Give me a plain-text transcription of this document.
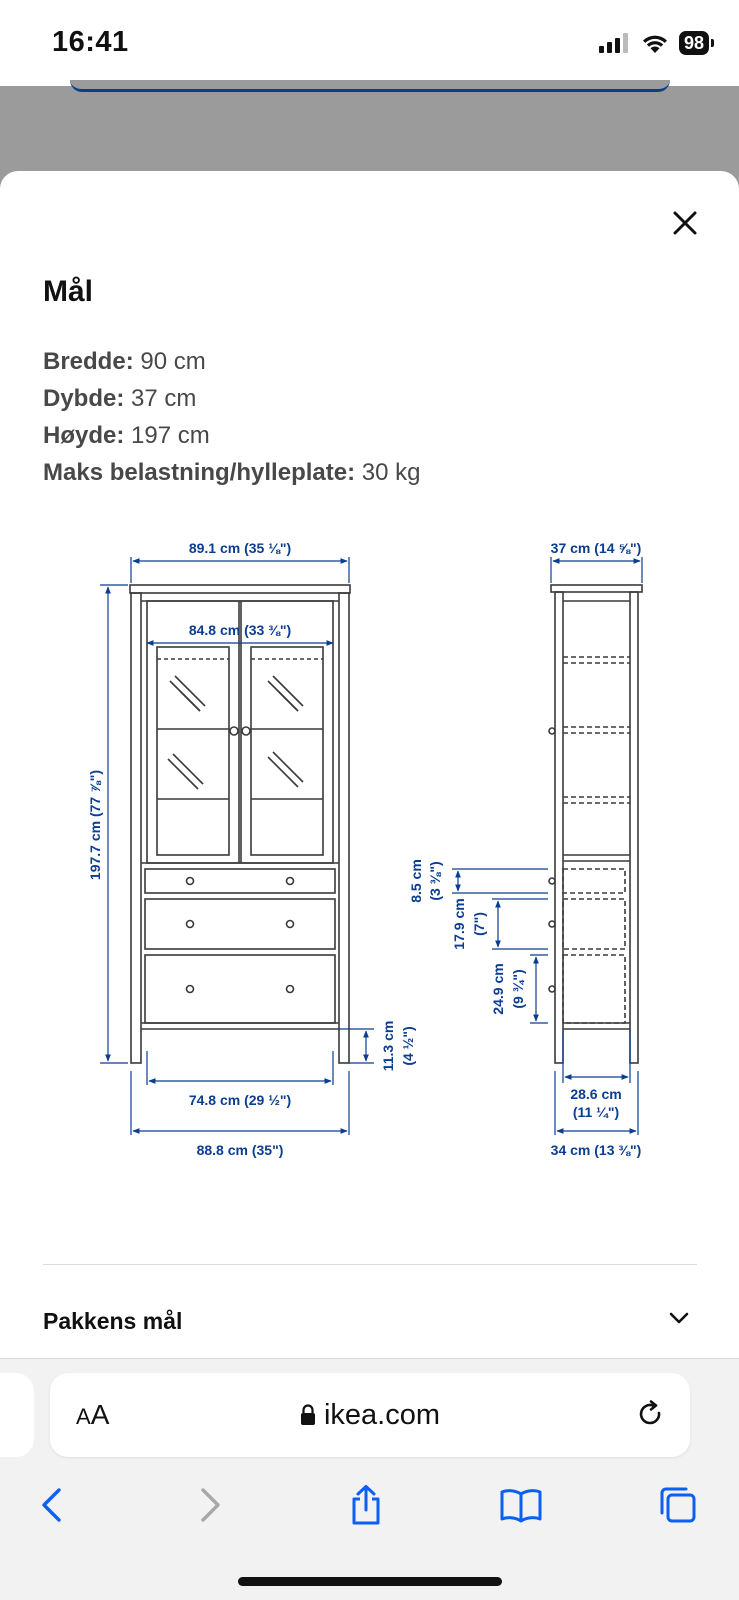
16:41	98
Mål
Bredde: 90 cm
Dybde: 37 cm
Høyde: 197 cm
Maks belastning/hylleplate: 30 kg
89.1 cm (35 ⅛")
84.8 cm (33 ⅜")
197.7 cm (77 ⅞")
11.3 cm (4 ½")
74.8 cm (29 ½")
88.8 cm (35")
37 cm (14 ⅝")
8.5 cm (3 ⅜")
17.9 cm (7")
24.9 cm (9 ¾")
28.6 cm
(11 ¼")
34 cm (13 ⅜")
Pakkens mål
AA	ikea.com
